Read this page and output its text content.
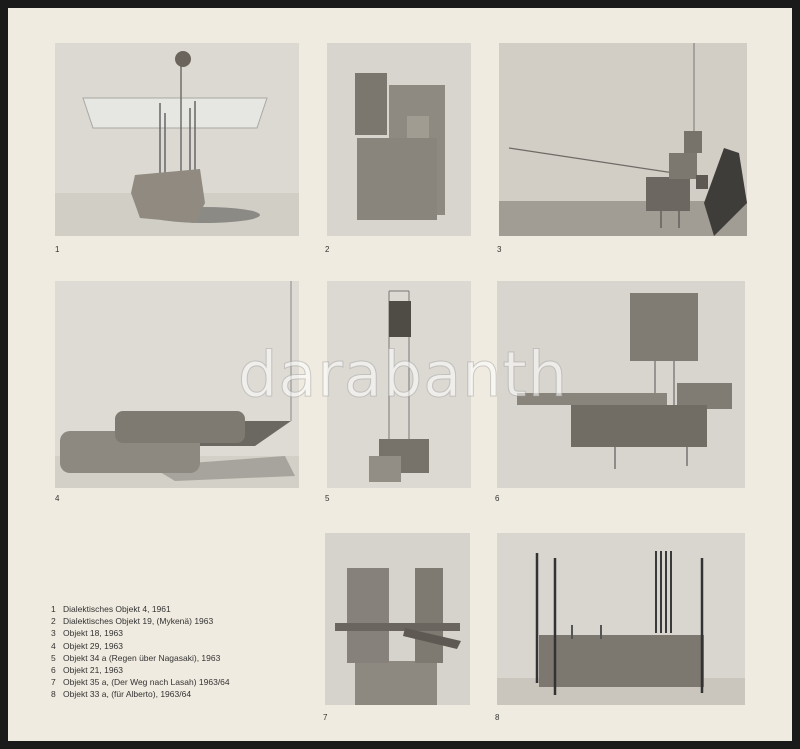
1	2	3
4	5	6
7	8
1 Dialektisches Objekt 4, 1961
2 Dialektisches Objekt 19, (Mykenä) 1963
3 Objekt 18, 1963
4 Objekt 29, 1963
5 Objekt 34 a (Regen über Nagasaki), 1963
6 Objekt 21, 1963
7 Objekt 35 a, (Der Weg nach Lasah) 1963/64
8 Objekt 33 a, (für Alberto), 1963/64
darabanth
